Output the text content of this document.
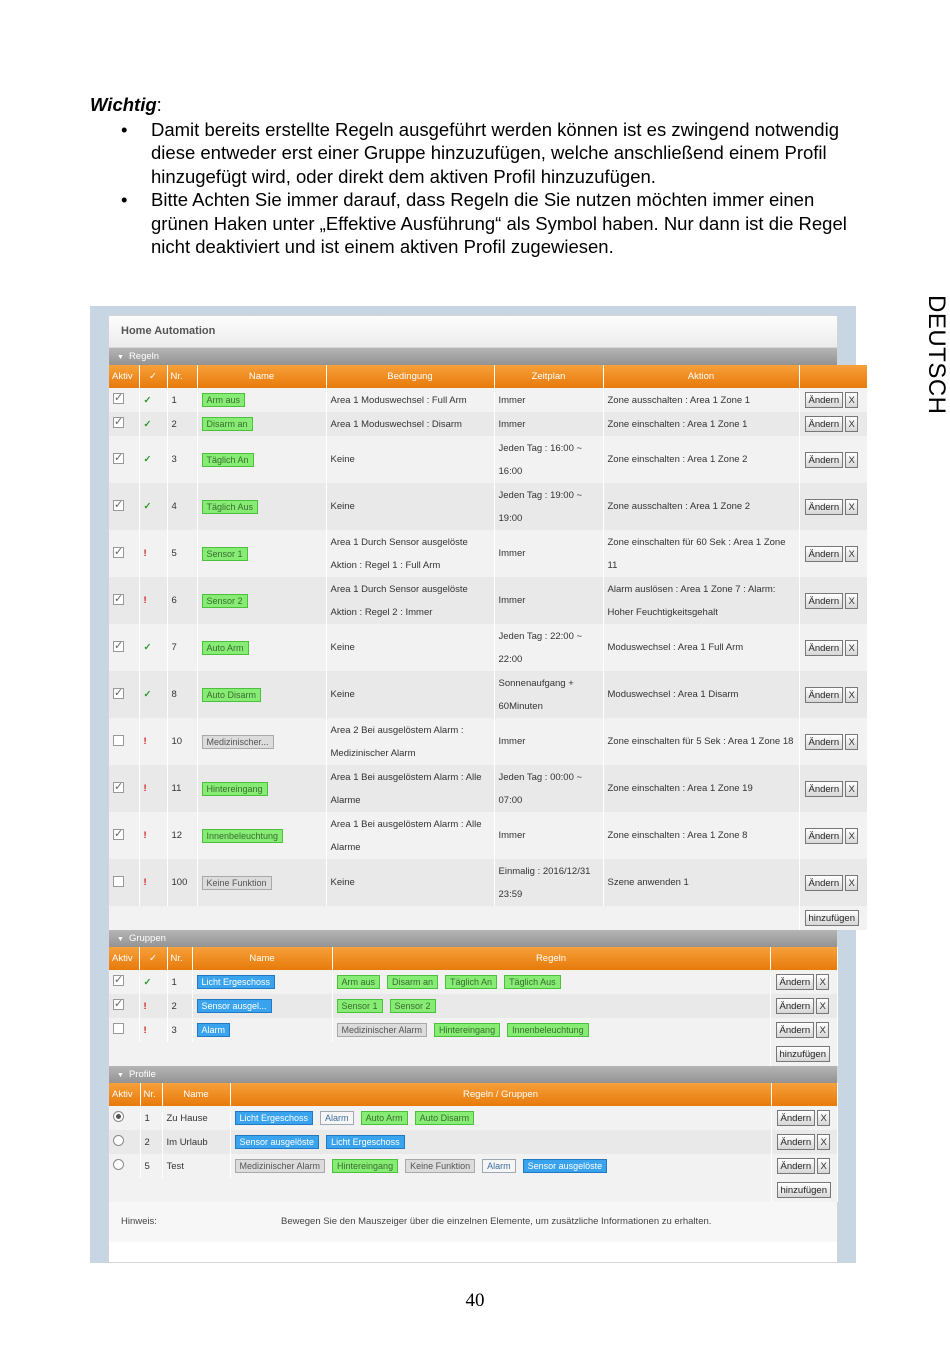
Wichtig:
• Damit bereits erstellte Regeln ausgeführt werden können ist es zwingend notwendig diese entweder erst einer Gruppe hinzuzufügen, welche anschließend einem Profil hinzugefügt wird, oder direkt dem aktiven Profil hinzuzufügen.
• Bitte Achten Sie immer darauf, dass Regeln die Sie nutzen möchten immer einen grünen Haken unter „Effektive Ausführung“ als Symbol haben. Nur dann ist die Regel nicht deaktiviert und ist einem aktiven Profil zugewiesen.
DEUTSCH
Home Automation
▼ Regeln
Aktiv	✓	Nr.	Name	Bedingung	Zeitplan	Aktion	
✓	✓	1	Arm aus	Area 1 Moduswechsel : Full Arm	Immer	Zone ausschalten : Area 1 Zone 1	Ändern X
✓	✓	2	Disarm an	Area 1 Moduswechsel : Disarm	Immer	Zone einschalten : Area 1 Zone 1	Ändern X
✓	✓	3	Täglich An	Keine	Jeden Tag : 16:00 ~ 16:00	Zone einschalten : Area 1 Zone 2	Ändern X
✓	✓	4	Täglich Aus	Keine	Jeden Tag : 19:00 ~ 19:00	Zone ausschalten : Area 1 Zone 2	Ändern X
✓	!	5	Sensor 1	Area 1 Durch Sensor ausgelöste Aktion : Regel 1 : Full Arm	Immer	Zone einschalten für 60 Sek : Area 1 Zone 11	Ändern X
✓	!	6	Sensor 2	Area 1 Durch Sensor ausgelöste Aktion : Regel 2 : Immer	Immer	Alarm auslösen : Area 1 Zone 7 : Alarm: Hoher Feuchtigkeitsgehalt	Ändern X
✓	✓	7	Auto Arm	Keine	Jeden Tag : 22:00 ~ 22:00	Moduswechsel : Area 1 Full Arm	Ändern X
✓	✓	8	Auto Disarm	Keine	Sonnenaufgang + 60Minuten	Moduswechsel : Area 1 Disarm	Ändern X
	!	10	Medizinischer...	Area 2 Bei ausgelöstem Alarm : Medizinischer Alarm	Immer	Zone einschalten für 5 Sek : Area 1 Zone 18	Ändern X
✓	!	11	Hintereingang	Area 1 Bei ausgelöstem Alarm : Alle Alarme	Jeden Tag : 00:00 ~ 07:00	Zone einschalten : Area 1 Zone 19	Ändern X
✓	!	12	Innenbeleuchtung	Area 1 Bei ausgelöstem Alarm : Alle Alarme	Immer	Zone einschalten : Area 1 Zone 8	Ändern X
	!	100	Keine Funktion	Keine	Einmalig : 2016/12/31 23:59	Szene anwenden 1	Ändern X
							hinzufügen
▼ Gruppen
Aktiv	✓	Nr.	Name	Regeln	
✓	✓	1	Licht Ergeschoss	Arm aus Disarm an Täglich An Täglich Aus	Ändern X
✓	!	2	Sensor ausgel...	Sensor 1 Sensor 2	Ändern X
	!	3	Alarm	Medizinischer Alarm Hintereingang Innenbeleuchtung	Ändern X
					hinzufügen
▼ Profile
Aktiv	Nr.	Name	Regeln / Gruppen	
	1	Zu Hause	Licht Ergeschoss Alarm Auto Arm Auto Disarm	Ändern X
	2	Im Urlaub	Sensor ausgelöste Licht Ergeschoss	Ändern X
	5	Test	Medizinischer Alarm Hintereingang Keine Funktion Alarm Sensor ausgelöste	Ändern X
				hinzufügen
Hinweis:	Bewegen Sie den Mauszeiger über die einzelnen Elemente, um zusätzliche Informationen zu erhalten.
40
